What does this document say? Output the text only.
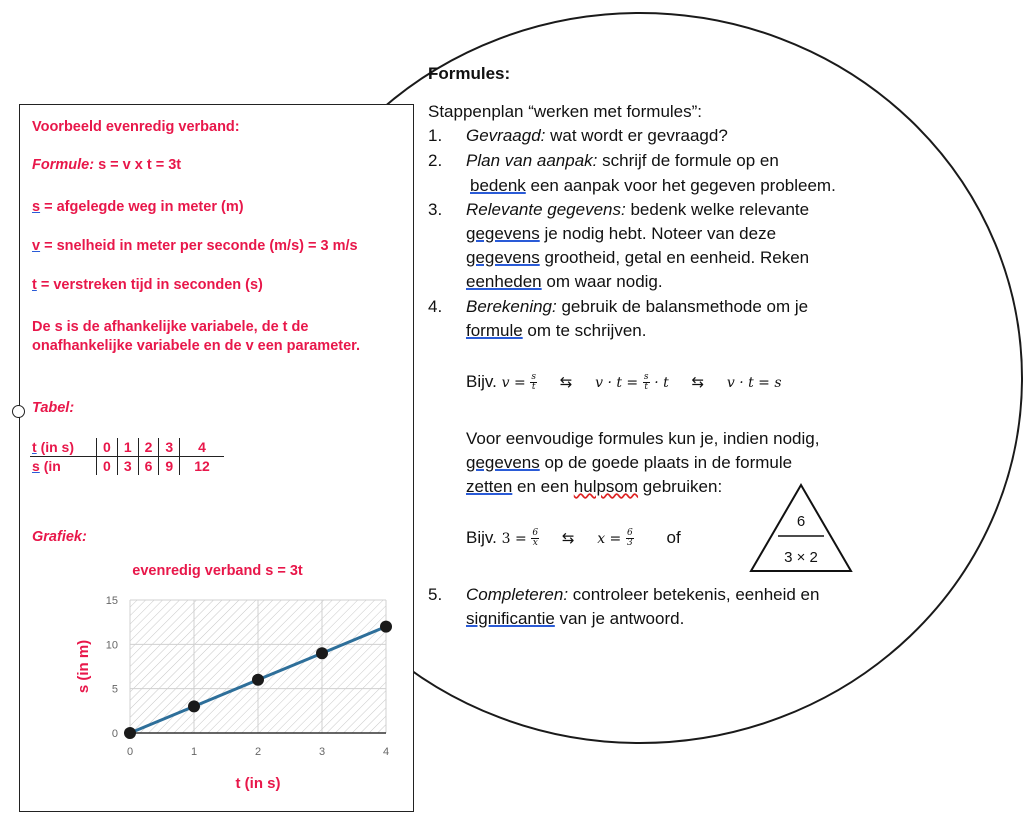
Voorbeeld evenredig verband:
Formule: s = v x t = 3t
s = afgelegde weg in meter (m)
v = snelheid in meter per seconde (m/s) = 3 m/s
t = verstreken tijd in seconden (s)
De s is de afhankelijke variabele, de t de onafhankelijke variabele en de v een parameter.
Tabel:
t (in s)	0	1	2	3	4
s (in	0	3	6	9	12
Grafiek:
evenredig verband s = 3t
0
5
10
15
0	1	2	3	4
t (in s)
s (in m)
Formules:
Stappenplan “werken met formules”:
1. Gevraagd: wat wordt er gevraagd?
2. Plan van aanpak: schrijf de formule op en
bedenk een aanpak voor het gegeven probleem.
3. Relevante gegevens: bedenk welke relevante
gegevens je nodig hebt. Noteer van deze
gegevens grootheid, getal en eenheid. Reken
eenheden om waar nodig.
4. Berekening: gebruik de balansmethode om je
formule om te schrijven.
Bijv. $v = \frac{s}{t}$ ⇆ $v \cdot t = \frac{s}{t} \cdot t$ ⇆ v · t = s
Voor eenvoudige formules kun je, indien nodig,
gegevens op de goede plaats in de formule
zetten en een hulpsom gebruiken:
Bijv. $3 = \frac{6}{x}$ ⇆ $x = \frac{6}{3}$ of
6
3 × 2
5. Completeren: controleer betekenis, eenheid en
significantie van je antwoord.
